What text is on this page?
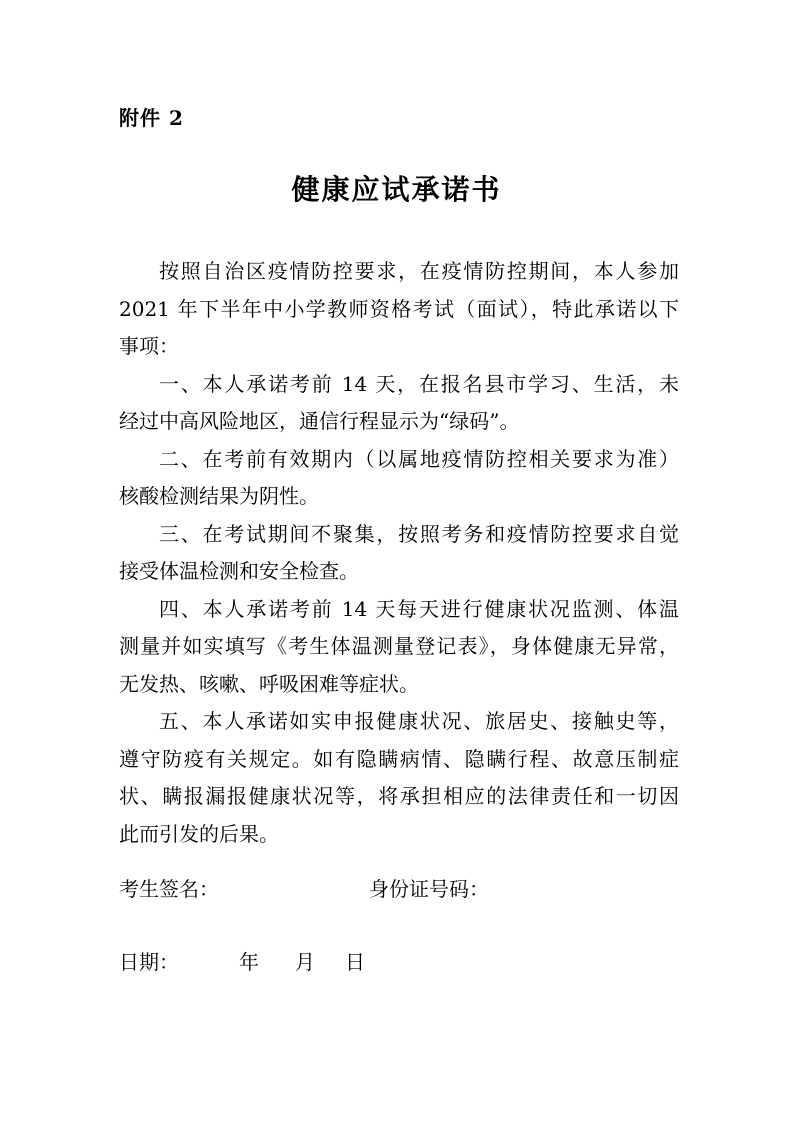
附件 2
健康应试承诺书
按照自治区疫情防控要求，在疫情防控期间，本人参加
2021 年下半年中小学教师资格考试（面试），特此承诺以下
事项：
一、本人承诺考前 14 天，在报名县市学习、生活，未
经过中高风险地区，通信行程显示为“绿码”。
二、在考前有效期内（以属地疫情防控相关要求为准）
核酸检测结果为阴性。
三、在考试期间不聚集，按照考务和疫情防控要求自觉
接受体温检测和安全检查。
四、本人承诺考前 14 天每天进行健康状况监测、体温
测量并如实填写《考生体温测量登记表》，身体健康无异常，
无发热、咳嗽、呼吸困难等症状。
五、本人承诺如实申报健康状况、旅居史、接触史等，
遵守防疫有关规定。如有隐瞒病情、隐瞒行程、故意压制症
状、瞒报漏报健康状况等，将承担相应的法律责任和一切因
此而引发的后果。
考生签名：	身份证号码：
日期：	年 月 日
